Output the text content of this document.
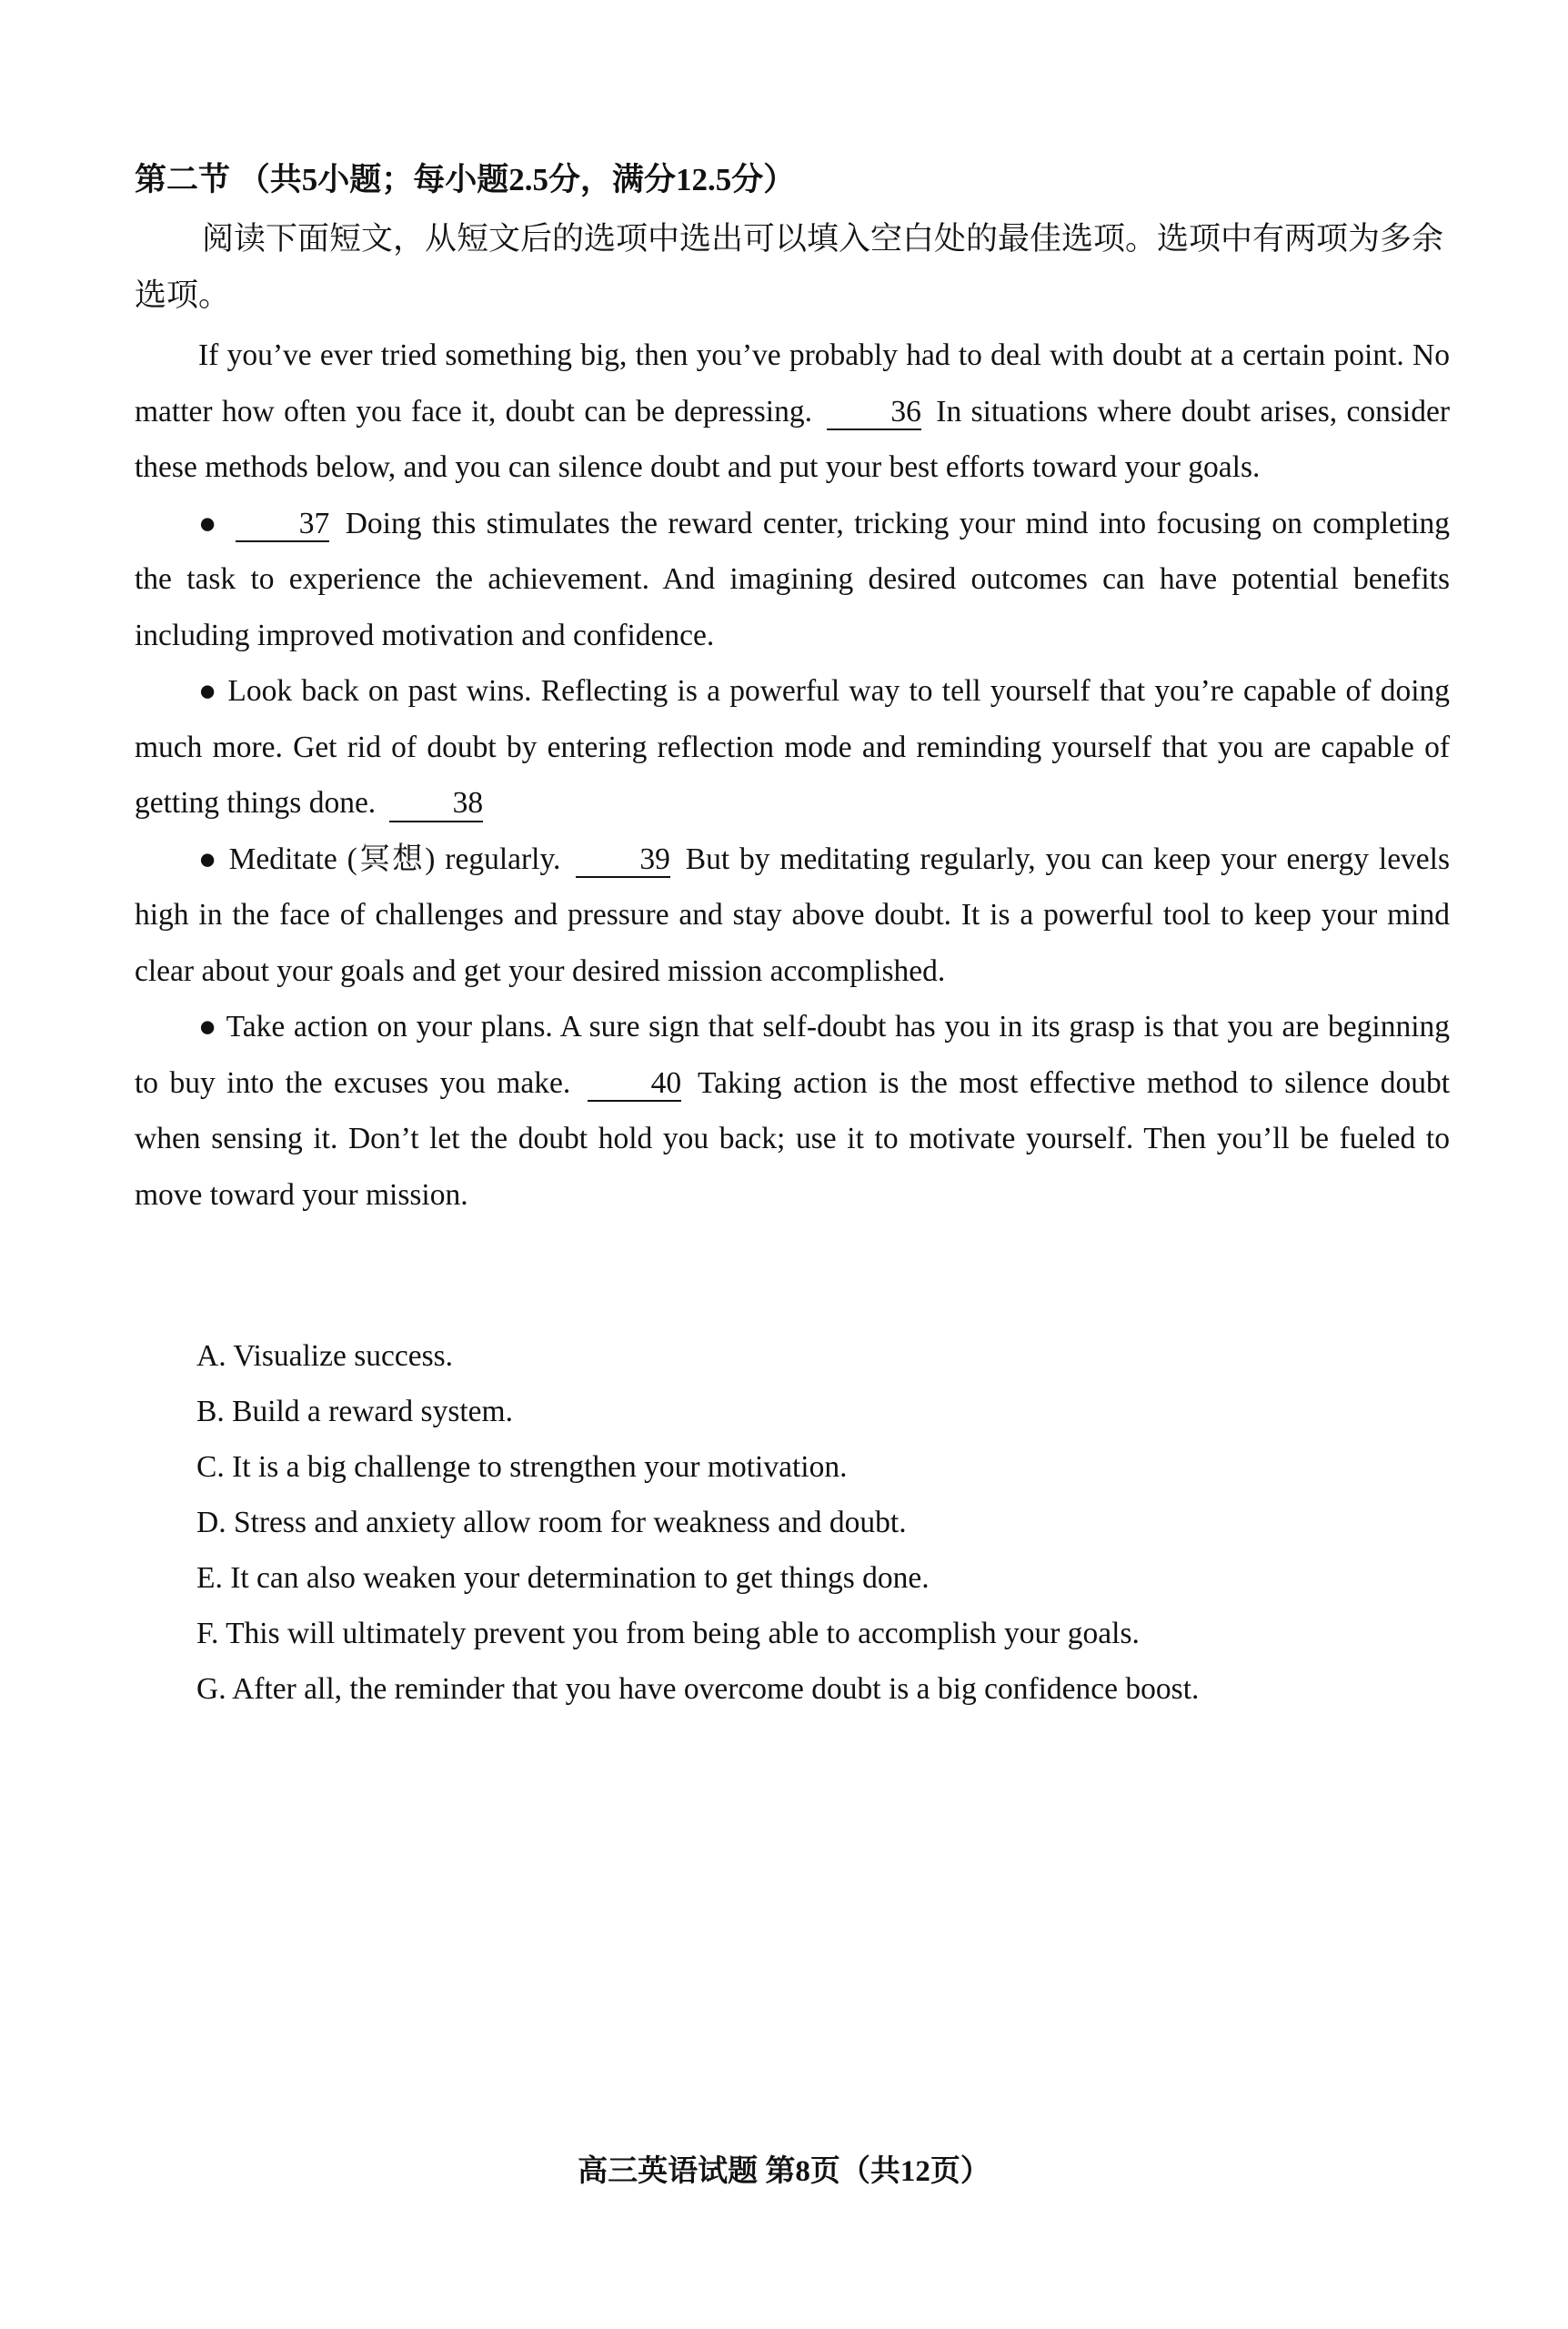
第二节 （共5小题；每小题2.5分，满分12.5分）

阅读下面短文，从短文后的选项中选出可以填入空白处的最佳选项。选项中有两项为多余选项。

If you’ve ever tried something big, then you’ve probably had to deal with doubt at a certain point. No matter how often you face it, doubt can be depressing.	36 In situations where doubt arises, consider these methods below, and you can silence doubt and put your best efforts toward your goals.

●	37 Doing this stimulates the reward center, tricking your mind into focusing on completing the task to experience the achievement. And imagining desired outcomes can have potential benefits including improved motivation and confidence.

● Look back on past wins. Reflecting is a powerful way to tell yourself that you’re capable of doing much more. Get rid of doubt by entering reflection mode and reminding yourself that you are capable of getting things done.	38

● Meditate (冥想) regularly.	39 But by meditating regularly, you can keep your energy levels high in the face of challenges and pressure and stay above doubt. It is a powerful tool to keep your mind clear about your goals and get your desired mission accomplished.

● Take action on your plans. A sure sign that self-doubt has you in its grasp is that you are beginning to buy into the excuses you make.	40 Taking action is the most effective method to silence doubt when sensing it. Don’t let the doubt hold you back; use it to motivate yourself. Then you’ll be fueled to move toward your mission.

A. Visualize success.

B. Build a reward system.

C. It is a big challenge to strengthen your motivation.

D. Stress and anxiety allow room for weakness and doubt.

E. It can also weaken your determination to get things done.

F. This will ultimately prevent you from being able to accomplish your goals.

G. After all, the reminder that you have overcome doubt is a big confidence boost.

高三英语试题 第8页（共12页）
